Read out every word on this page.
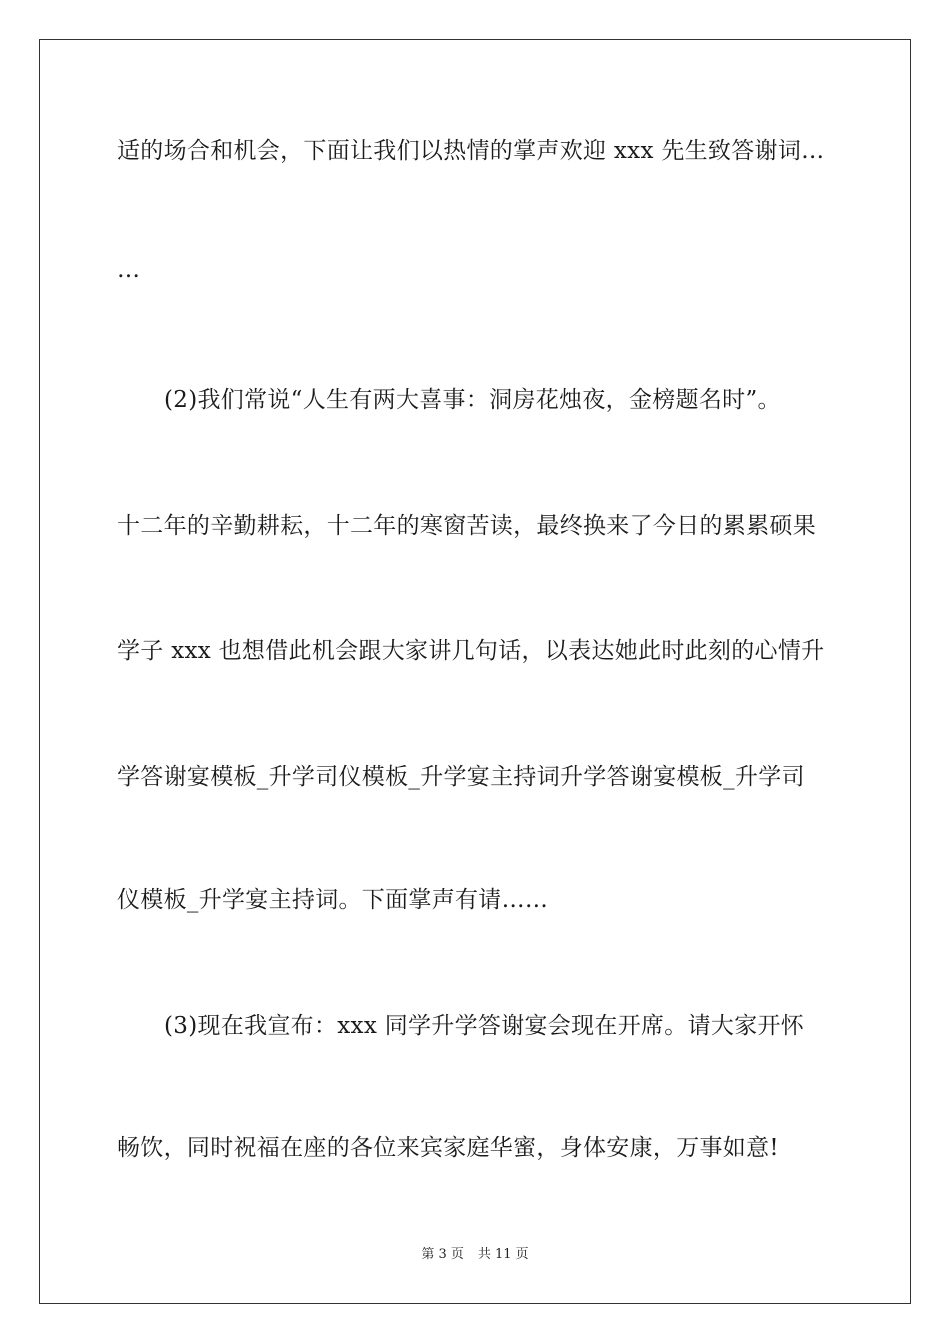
适的场合和机会，下面让我们以热情的掌声欢迎 xxx 先生致答谢词…
…
(2)我们常说“人生有两大喜事：洞房花烛夜，金榜题名时”。
十二年的辛勤耕耘，十二年的寒窗苦读，最终换来了今日的累累硕果
学子 xxx 也想借此机会跟大家讲几句话，以表达她此时此刻的心情升
学答谢宴模板_升学司仪模板_升学宴主持词升学答谢宴模板_升学司
仪模板_升学宴主持词。下面掌声有请……
(3)现在我宣布：xxx 同学升学答谢宴会现在开席。请大家开怀
畅饮，同时祝福在座的各位来宾家庭华蜜，身体安康，万事如意!
第 3 页 共 11 页
